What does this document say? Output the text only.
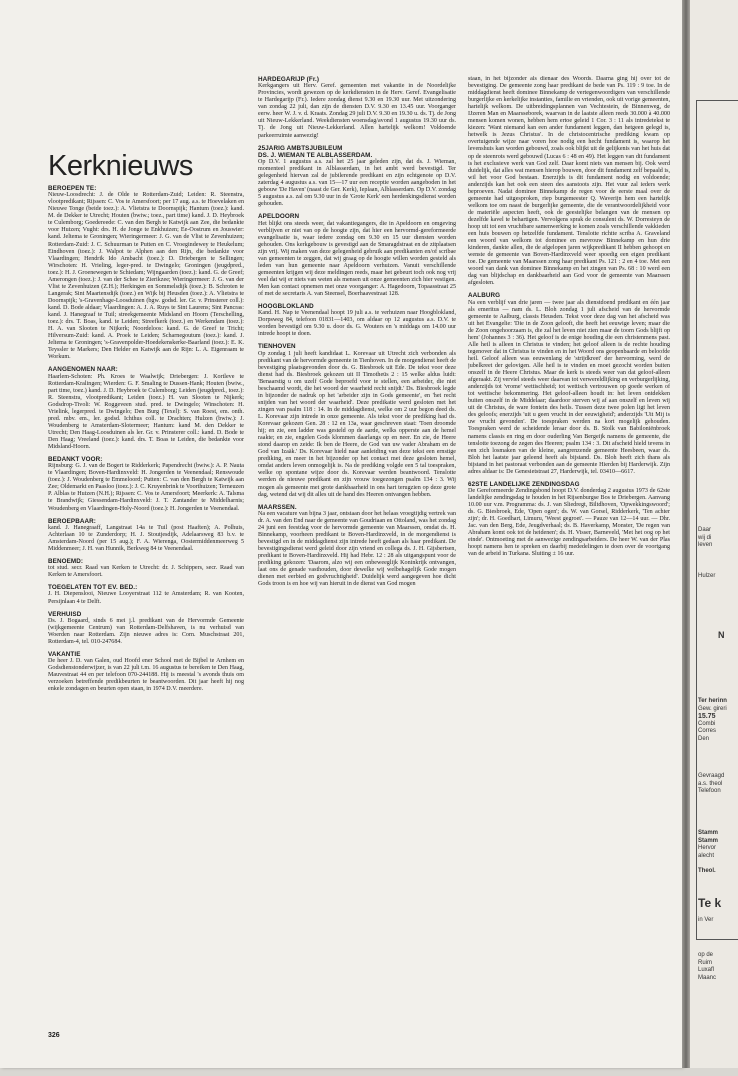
Kerknieuws
BEROEPEN TE:

Nieuw-Loosdrecht: J. de Olde te Rotterdam-Zuid; Leiden: R. Steenstra, vlootpredikant; Rijssen: C. Vos te Amersfoort; per 17 aug. a.s. te Hoevelaken en Nieuwe Tonge (beide toez.): A. Vlietstra te Doornspijk; Hantum (toez.): kand. M. de Dekker te Utrecht; Houten (bwiw.; toez., part time) kand. J. D. Heybroek te Culemborg; Goedereede: C. van den Bergh te Katwijk aan Zee, die bedankte voor Huizen; Vught: drs. H. de Jonge te Enkhuizen; Ee-Oostrum en Jouswier: kand. Jeltema te Groningen; Wieringermeer: J. G. van de Vlist te Zevenhuizen; Rotterdam-Zuid: J. C. Schuurman te Putten en C. Vroegindewey te Heukelum; Eindhoven (toez.): J. Walpot te Alphen aan den Rijn, die bedankte voor Vlaardingen; Hendrik Ido Ambacht (toez.): D. Driebergen te Sellingen; Wirschoten: H. Vrieling, leger-pred. te Dwingelo; Groningen (jeugdpred., toez.): H. J. Groenewegen te Schiedam; Wijngaarden (toez.): kand. G. de Greef; Amerongen (toez.): J. van der Schee te Zierikzee; Wieringermeer: J. G. van der Vlist te Zevenhuizen (Z.H.); Herkingen en Sommelsdijk (toez.): B. Schroten te Langerak; Sint Maartensdijk (toez.) en Wijk bij Heusden (toez.): A. Vlietstra te Doornspijk; 's-Gravenhage-Loosduinen (bgw. godsd. ler. Gr. v. Prinsterer coll.): kand. D. Bode aldaar; Vlaardingen: A. J. A. Ruys te Sint Laurens; Sint Pancras: kand. J. Hanegraaf te Tuil; streekgemeente Midsland en Hoorn (Terschelling, toez.): drs. T. Boas, kand. te Leiden; Streefkerk (toez.) en Werkendam (toez.): H. A. van Slooten te Nijkerk; Noordeloos: kand. G. de Greef te Tricht; Hilversum-Zuid: kand. A. Proek te Leiden; Scharnegoutum (toez.): kand. J. Jeltema te Groningen; 's-Gravenpolder-Hoedekenskerke-Baarland (toez.): E. K. Teyssler te Markers; Den Helder en Katwijk aan de Rijn: L. A. Eigenraam te Workum.

AANGENOMEN NAAR:

Haarlem-Schoten: Ph. Kroes te Waalwijk; Driebergen: J. Kortleve te Rotterdam-Kralingen; Wierden: G. F. Smaling te Dussen-Hank; Houten (bwiw., part time, toez.) kand. J. D. Heybroek te Culemborg; Leiden (jeugdpred., toez.): R. Steenstra, vlootpredikant; Leiden (toez.) H. van Slooten te Nijkerk; Godsdrop-Tivoli: W. Roggeveen stud. pred. te Dwingelo; Winschoten: H. Vrielink, legerpred. te Dwingelo; Den Burg (Texel): S. van Roest, em. onth. pred. mbv. em., ler. godsd. Ichthus coll. te Drachten; Hulzen (bwiw.): J. Woudenberg te Amsterdam-Slotermeer; Hantum: kand M. den Dekker te Utrecht; Den Haag-Loosduinen als ler. Gr. v. Prinsterer coll.: kand. D. Bode te Den Haag; Vreeland (toez.): kand. drs. T. Boas te Leiden, die bedankte voor Midsland-Hoorn.

BEDANKT VOOR:

Rijnsburg: G. J. van de Bogert te Ridderkerk; Papendrecht (bwiw.): A. P. Nauta te Vlaardingen; Boven-Hardinxveld: H. Jongerden te Veenendaal; Renswoude (toez.): J. Woudenberg te Emmeloord; Putten: C. van den Bergh te Katwijk aan Zee; Oldemarkt en Paasloo (toez.): J. C. Kruyenbrink te Voorthuizen; Terneuzen P. Alblas te Huizen (N.H.); Rijssen: C. Vos te Amersfoort; Meerkerk: A. Talsma te Brandwijk; Giessendam-Hardinxveld: J. T. Zantander te Middelharnis; Woudenberg en Vlaardingen-Holy-Noord (toez.): H. Jongerden te Veenendaal.

BEROEPBAAR:

kand. J. Hanegraaff, Langstraat 14a te Tuil (post Haaften); A. Polhuis, Achterlaan 10 te Zunderdorp; H. J. Stoutjesdijk, Adelaarsweg 83 b.v. te Amsterdam-Noord (per 15 aug.); F. A. Wierenga, Oostermiddenmeerweg 5 Middenmeer; J. H. van Hunnik, Berkweg 84 te Veenendaal.

BENOEMD:

tot stud. secr. Raad van Kerken te Utrecht: dr. J. Schippers, secr. Raad van Kerken te Amersfoort.

TOEGELATEN TOT EV. BED.:

J. H. Diepenslooi, Nieuwe Looyerstraat 112 te Amsterdam; R. van Kooten, Persijnlaan 4 te Delft.

VERHUISD

Ds. J. Bogaard, sinds 6 mei j.l. predikant van de Hervormde Gemeente (wijkgemeente Centrum) van Rotterdam-Delfshaven, is nu verhuisd van Woerden naar Rotterdam. Zijn nieuwe adres is: Corn. Muschstraat 201, Rotterdam-4, tel. 010-247684.

VAKANTIE

De heer J. D. van Galen, oud Hoofd ener School met de Bijbel te Arnhem en Godsdienstonderwijzer, is van 22 juli t.m. 16 augustus te bereiken te Den Haag, Mauvestraat 44 en per telefoon 070-244188. Hij is meestal 's avonds thuis om verzoeken betreffende predikbeurten te beantwoorden. Dit jaar heeft hij nog enkele zondagen en beurten open staan, in 1974 D.V. meerdere.

HARDEGARIJP (Fr.)

Kerkgangers uit Herv. Geref. gemeenten met vakantie in de Noordelijke Provincies, wordt gewezen op de kerkdiensten in de Herv. Geref. Evangelisatie te Hardegarijp (Fr.). Iedere zondag dienst 9.30 en 19.30 uur. Met uitzondering van zondag 22 juli, dan zijn de diensten D.V. 9.30 en 13.45 uur. Voorganger eerw. heer W. J. v. d. Kraats. Zondag 29 juli D.V. 9.30 en 19.30 u. ds. Tj. de Jong uit Nieuw-Lekkerland. Weekdiensten woensdag/avond 1 augustus 19.30 uur ds. Tj. de Jong uit Nieuw-Lekkerland. Allen hartelijk welkom! Voldoende parkeerruimte aanwezig!

25JARIG AMBTSJUBILEUM
DS. J. WIEMAN TE ALBLASSERDAM.

Op D.V. 1 augustus a.s. zal het 25 jaar geleden zijn, dat ds. J. Wieman, momenteel predikant in Alblasserdam, in het ambt werd bevestigd. Ter gelegenheid hiervan zal de jubilerende predikant en zijn echtgenote op D.V. zaterdag 4 augustus a.s. van 15—17 uur een receptie worden aangeboden in het gebouw 'De Haven' (naast de Ger. Kerk), Ieplaan, Alblasserdam. Op D.V. zondag 5 augustus a.s. zal om 9.30 uur in de 'Grote Kerk' een herdenkingsdienst worden gehouden.

APELDOORN

Het blijkt ons steeds weer, dat vakantiegangers, die in Apeldoorn en omgeving verblijven er niet van op de hoogte zijn, dat hier een hervormd-gereformeerde evangelisatie is, waar iedere zondag om 9.30 en 15 uur diensten worden gehouden. Ons kerkgebouw is gevestigd aan de Smaragdstraat en de zitplaatsen zijn vrij. Wij maken van deze gelegenheid gebruik aan predikanten en/of scribae van gemeenten te zeggen, dat wij graag op de hoogte willen worden gesteld als leden van hun gemeente naar Apeldoorn verhuizen. Vanuit verschillende gemeenten krijgen wij deze meldingen reeds, maar het gebeurt toch ook nog vrij veel dat wij er niets van weten als mensen uit onze gemeenten zich hier vestigen. Men kan contact opnemen met onze voorganger: A. Hagedoorn, Topaasstraat 25 of met de secretaris A. van Steensel, Boerhaavestraat 128.

HOOGBLOKLAND

Kand. H. Nap te Veenendaal hoopt 19 juli a.s. te verhuizen naar Hoogblokland, Dorpsweg 84, telefoon 01831—1403, om aldaar op 12 augustus a.s. D.V. te worden bevestigd om 9.30 u. door ds. G. Wouters en 's middags om 14.00 uur intrede hoopt te doen.

TIENHOVEN

Op zondag 1 juli heeft kandidaat L. Korevaar uit Utrecht zich verbonden als predikant van de hervormde gemeente in Tienhoven. In de morgendienst heeft de bevestiging plaatsgevonden door ds. G. Biesbroek uit Ede. De tekst voor deze dienst had ds. Biesbroek gekozen uit II Timotheüs 2 : 15 welke aldus luidt: 'Benaarstig u om uzelf Gode beproefd voor te stellen, een arbeider, die niet beschaamd wordt, die het woord der waarheid recht snijdt.' Ds. Biesbroek legde in bijzonder de nadruk op het 'arbeider zijn in Gods gemeente', en 'het recht snijden van het woord der waarheid'. Deze predikatie werd gesloten met het zingen van psalm 118 : 14. In de middagdienst, welke om 2 uur begon deed ds. L. Korevaar zijn intrede in onze gemeente. Als tekst voor de prediking had ds. Korevaar gekozen Gen. 28 : 12 en 13a, waar geschreven staat: 'Toen droomde hij; en zie, een ladder was gesteld op de aarde, welks opperste aan de hemel raakte; en zie, engelen Gods klommen daarlangs op en neer. En zie, de Heere stond daarop en zeide: Ik ben de Heere, de God van uw vader Abraham en de God van Izaäk.' Ds. Korevaar hield naar aanleiding van deze tekst een ernstige prediking, en meer in het bijzonder op het contact met deze gesloten hemel, omdat anders leven onmogelijk is. Na de prediking volgde een 5 tal toespraken, welke op spontane wijze door ds. Korevaar werden beantwoord. Tenslotte werden de nieuwe predikant en zijn vrouw toegezongen psalm 134 : 3. Wij mogen als gemeente met grote dankbaarheid in ons hart terugzien op deze grote dag, wetend dat wij dit alles uit de hand des Heeren ontvangen hebben.

MAARSSEN.

Na een vacature van bijna 3 jaar, ontstaan door het helaas vroegtijdig vertrek van dr. A. van den End naar de gemeente van Goudriaan en Ottoland, was het zondag 24 juni een feestdag voor de hervormde gemeente van Maarssen, omdat ds. H. Binnekamp, voorheen predikant te Boven-Hardinxveld, in de morgendienst is bevestigd en in de middagdienst zijn intrede heeft gedaan als haar predikant. De bevestigingsdienst werd geleid door zijn vriend en collega ds. J. H. Gijsbertsen, predikant te Boven-Hardinxveld. Hij had Hebr. 12 : 28 als uitgangspunt voor de prediking gekozen: 'Daarom, alzo wij een onbeweeglijk Koninkrijk ontvangen, laat ons de genade vasthouden, door dewelke wij welbehagelijk Gode mogen dienen met eerbied en godvruchtigheid'. Duidelijk werd aangegeven hoe dicht Gods troon is en hoe wij van hieruit in de dienst van God mogen

staan, in het bijzonder als dienaar des Woords. Daarna ging hij over tot de bevestiging. De gemeente zong haar predikant de bede van Ps. 119 : 9 toe. In de middagdienst heeft dominee Binnekamp de vertegenwoordigers van verschillende burgerlijke en kerkelijke instanties, familie en vrienden, ook uit vorige gemeenten, hartelijk welkom. De uitbreidingsplannen van Vechtestein, de Binnenweg, de IJzeren Man en Maarsseborek, waarvan in de laatste alleen reeds 30.000 à 40.000 mensen komen wonen, hebben hem ertoe geleid 1 Cor. 3 : 11 als intredetekst te kiezen: 'Want niemand kan een ander fundament leggen, dan hetgeen gelegd is, hetwelk is Jezus Christus'. In de christocentrische prediking kwam op overtuigende wijze naar voren hoe nodig een hecht fundament is, waarop het levenshuis kan worden gebouwd, zoals ook blijkt uit de gelijkenis van het huis dat op de steenrots werd gebouwd (Lucas 6 : 48 en 49). Het leggen van dit fundament is het exclusieve werk van God zelf. Daar komt niets van mensen bij. Ook werd duidelijk, dat alles wat mensen hierop bouwen, door dit fundament zelf bepaald is, wil het voor God bestaan. Enerzijds is dit fundament nodig en voldoende; anderzijds kan het ook een steen des aanstoots zijn. Het vuur zal ieders werk beproeven. Nadat dominee Binnekamp de regen voor de eerste maal over de gemeente had uitgesproken, riep burgemeester Q. Waverijn hem een hartelijk welkom toe om naast de burgerlijke gemeente, die de verantwoordelijkheid voor de materiële aspecten heeft, ook de geestelijke belangen van de mensen op dezelfde kavel te behartigen. Vervolgens sprak de consulent ds. W. Dorresteyn de hoop uit tot een vruchtbare samenwerking te komen zoals verschillende vakkieden een huis bouwen op hetzelfde fundament. Tenslotte richtte scriba A. Graveland een woord van welkom tot dominee en mevrouw Binnekamp en hun drie kinderen, dankte allen, die de afgelopen jaren wijkpredikant II hebben gehoopt en wenste de gemeente van Boven-Hardinxveld weer spoedig een eigen predikant toe. De gemeente van Maarssen zong haar predikant Ps. 121 : 2 en 4 toe. Met een woord van dank van dominee Binnekamp en het zingen van Ps. 68 : 10 werd een dag van blijdschap en dankbaarheid aan God voor de gemeente van Maarssen afgesloten.

AALBURG

Na een verblijf van drie jaren — twee jaar als dienstdoend predikant en één jaar als emeritus — nam ds. L. Bloh zondag 1 juli afscheid van de hervormde gemeente te Aalburg, classis Heusden. Tekst voor deze dag van het afscheid was uit het Evangelie: 'Die in de Zoon gelooft, die heeft het eeuwige leven; maar die de Zoon ongehoorzaam is, die zal het leven niet zien maar de toorn Gods blijft op hem' (Johannes 3 : 36). Het geloof is de enige houding die een christenmens past. Alle heil is alleen in Christus te vinden; het geloof alleen is de rechte houding tegenover dat in Christus te vinden en in het Woord ons geopenbaarde en beloofde heil. Geloof alleen was eeuwenlang de 'strijdkreet' der hervorming, werd de jubelkreet der gelovigen. Alle heil is te vinden en moet gezocht worden buiten onszelf in de Heere Christus. Maar de kerk is steeds weer van dat geloof-alleen afgeraakt. Zij verviel steeds weer daarvan tot verwereldlijking en verburgerlijking, anderzijds tot 'vrome' wettischheid; tot wettisch vertrouwen op goede werken of tot wettische bekommering. Het geloof-alleen houdt in: het leven ontdekken buiten onszelf in de Middelaar; daardoor sterven wij af aan onszelf en leven wij uit de Christus, de ware fontein des heils. Tussen deze twee polen ligt het leven des geloofs; enerzijds 'uit u geen vrucht in der eeuwigheid'; anderzijds 'Uit Mij is uw vrucht gevonden'. De toespraken werden na kort mogelijk gehouden. Toespraken werd de scheidende leraar door ds. B. Stolk van Babiloniënbroek namens classis en ring en door ouderling Van Bergeijk namens de gemeente, die tenslotte toezong de zegen des Heeren; psalm 134 : 3. Dit afscheid hield tevens in een zich losmaken van de kleine, aangrenzende gemeente Heesbeen, waar ds. Bloh het laatste jaar geleend heeft als bijstand. Ds. Bloh heeft zich thans als bijstand in het pastoraat verbonden aan de gemeente Hierden bij Harderwijk. Zijn adres aldaar is: De Genesietstraat 27, Harderwijk, tel. 03410—6617.

62STE LANDELIJKE ZENDINGSDAG

De Gereformeerde Zendingsbond hoopt D.V. donderdag 2 augustus 1973 de 62ste landelijke zendingsdag te houden in het Rijsenburgse Bos te Driebergen. Aanvang 10.00 uur v.m. Programma: ds. J. van Sliedregt, Biltdhoven, 'Opwekkingswoord'; ds. G. Biesbroek, Ede, 'Open ogen'; ds. W. van Gorsel, Ridderkerk, 'Ten achter zijn'; dr. H. Goedhart, Limuru, 'Weest gegroet'. — Pauze van 12—14 uur. — Dhr. Jac. van den Berg, Ede, Jeugdverhaal; ds. B. Haverkamp, Monster, 'De regen van Abraham komt ook tot de heidenen'; ds. H. Visser, Barneveld, 'Met het oog op het einde'. Ontmoeting met de aanwezige zendingsarbeiders. De heer W. van der Plas hoopt namens hen te spreken en daarbij mededelingen te doen over de voortgang van de arbeid in Turkana. Sluiting ± 16 uur.

326
Daar
wij di
leven
Hulzer
N
Ter herinn
Gew. gireri
15.75
Combi
Corres
Den
Gevraagd
a.s. theol
Telefoon
Stamm
Stamm
Hervor
alecht
Theol.
Te k
in Ver
op de
Ruim
Luxafl
Maanc
